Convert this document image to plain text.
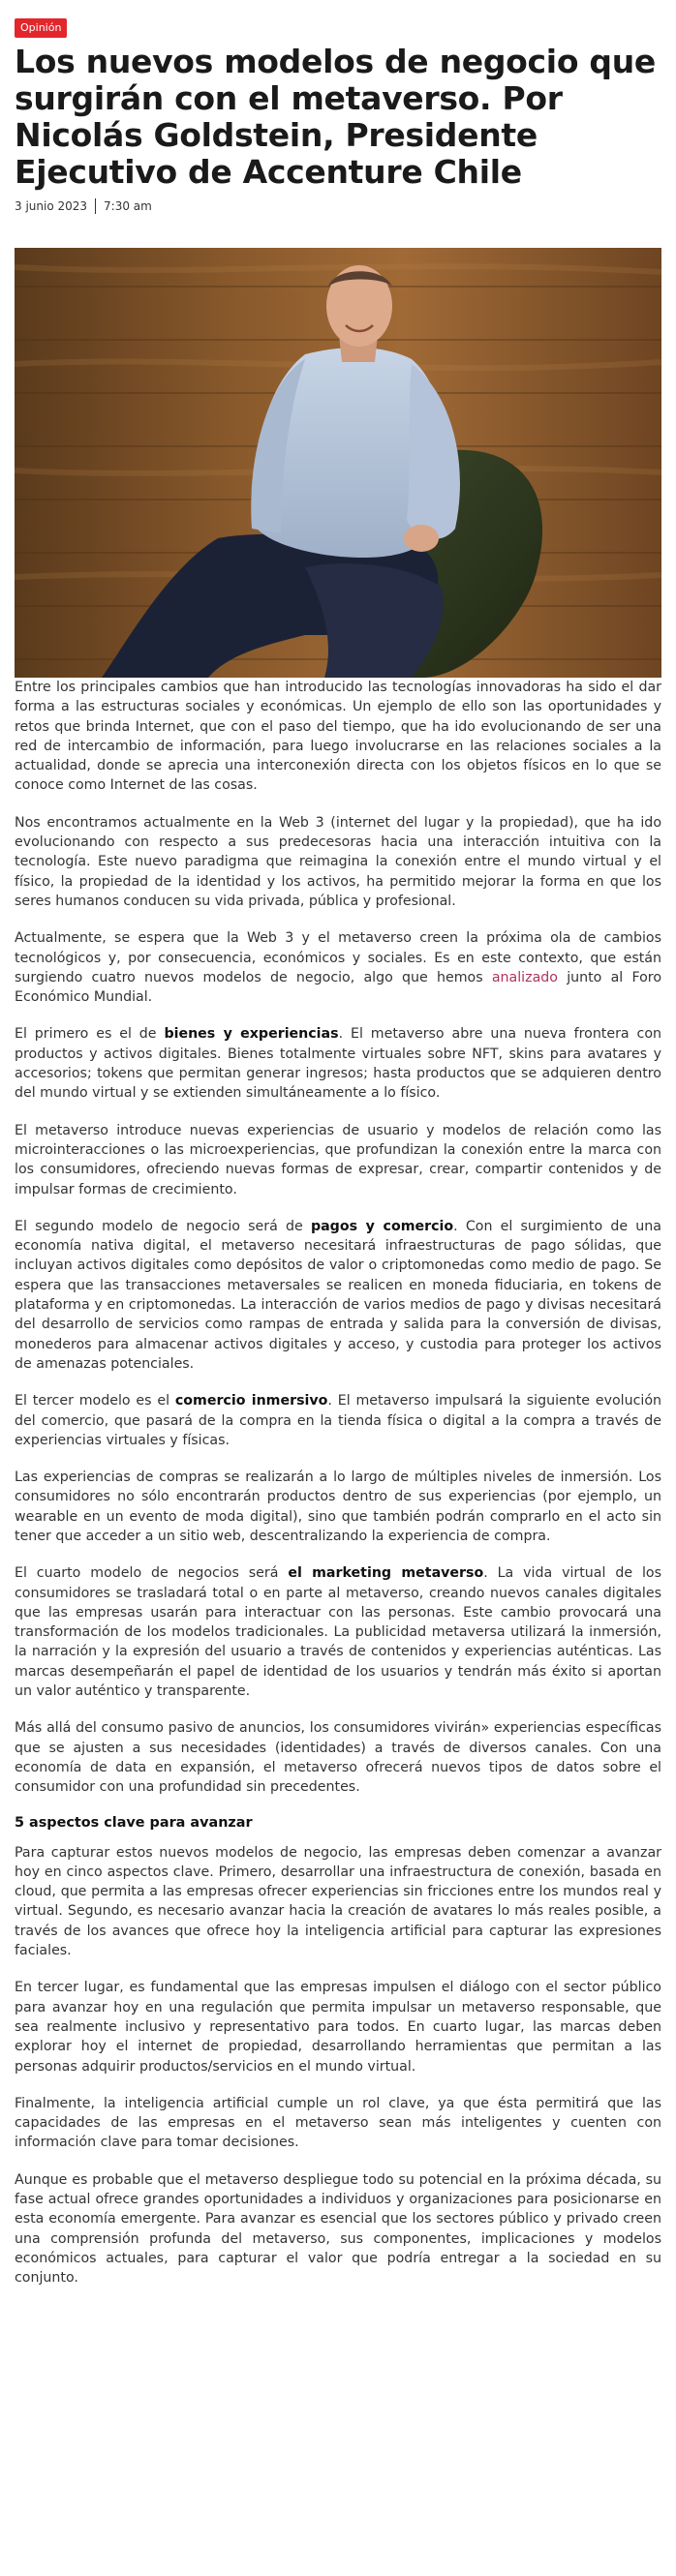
Opinión
Los nuevos modelos de negocio que surgirán con el metaverso. Por Nicolás Goldstein, Presidente Ejecutivo de Accenture Chile
3 junio 2023 7:30 am

Entre los principales cambios que han introducido las tecnologías innovadoras ha sido el dar forma a las estructuras sociales y económicas. Un ejemplo de ello son las oportunidades y retos que brinda Internet, que con el paso del tiempo, que ha ido evolucionando de ser una red de intercambio de información, para luego involucrarse en las relaciones sociales a la actualidad, donde se aprecia una interconexión directa con los objetos físicos en lo que se conoce como Internet de las cosas.

Nos encontramos actualmente en la Web 3 (internet del lugar y la propiedad), que ha ido evolucionando con respecto a sus predecesoras hacia una interacción intuitiva con la tecnología. Este nuevo paradigma que reimagina la conexión entre el mundo virtual y el físico, la propiedad de la identidad y los activos, ha permitido mejorar la forma en que los seres humanos conducen su vida privada, pública y profesional.

Actualmente, se espera que la Web 3 y el metaverso creen la próxima ola de cambios tecnológicos y, por consecuencia, económicos y sociales. Es en este contexto, que están surgiendo cuatro nuevos modelos de negocio, algo que hemos analizado junto al Foro Económico Mundial.

El primero es el de bienes y experiencias. El metaverso abre una nueva frontera con productos y activos digitales. Bienes totalmente virtuales sobre NFT, skins para avatares y accesorios; tokens que permitan generar ingresos; hasta productos que se adquieren dentro del mundo virtual y se extienden simultáneamente a lo físico.

El metaverso introduce nuevas experiencias de usuario y modelos de relación como las microinteracciones o las microexperiencias, que profundizan la conexión entre la marca con los consumidores, ofreciendo nuevas formas de expresar, crear, compartir contenidos y de impulsar formas de crecimiento.

El segundo modelo de negocio será de pagos y comercio. Con el surgimiento de una economía nativa digital, el metaverso necesitará infraestructuras de pago sólidas, que incluyan activos digitales como depósitos de valor o criptomonedas como medio de pago. Se espera que las transacciones metaversales se realicen en moneda fiduciaria, en tokens de plataforma y en criptomonedas. La interacción de varios medios de pago y divisas necesitará del desarrollo de servicios como rampas de entrada y salida para la conversión de divisas, monederos para almacenar activos digitales y acceso, y custodia para proteger los activos de amenazas potenciales.

El tercer modelo es el comercio inmersivo. El metaverso impulsará la siguiente evolución del comercio, que pasará de la compra en la tienda física o digital a la compra a través de experiencias virtuales y físicas.

Las experiencias de compras se realizarán a lo largo de múltiples niveles de inmersión. Los consumidores no sólo encontrarán productos dentro de sus experiencias (por ejemplo, un wearable en un evento de moda digital), sino que también podrán comprarlo en el acto sin tener que acceder a un sitio web, descentralizando la experiencia de compra.

El cuarto modelo de negocios será el marketing metaverso. La vida virtual de los consumidores se trasladará total o en parte al metaverso, creando nuevos canales digitales que las empresas usarán para interactuar con las personas. Este cambio provocará una transformación de los modelos tradicionales. La publicidad metaversa utilizará la inmersión, la narración y la expresión del usuario a través de contenidos y experiencias auténticas. Las marcas desempeñarán el papel de identidad de los usuarios y tendrán más éxito si aportan un valor auténtico y transparente.

Más allá del consumo pasivo de anuncios, los consumidores vivirán» experiencias específicas que se ajusten a sus necesidades (identidades) a través de diversos canales. Con una economía de data en expansión, el metaverso ofrecerá nuevos tipos de datos sobre el consumidor con una profundidad sin precedentes.

5 aspectos clave para avanzar

Para capturar estos nuevos modelos de negocio, las empresas deben comenzar a avanzar hoy en cinco aspectos clave. Primero, desarrollar una infraestructura de conexión, basada en cloud, que permita a las empresas ofrecer experiencias sin fricciones entre los mundos real y virtual. Segundo, es necesario avanzar hacia la creación de avatares lo más reales posible, a través de los avances que ofrece hoy la inteligencia artificial para capturar las expresiones faciales.

En tercer lugar, es fundamental que las empresas impulsen el diálogo con el sector público para avanzar hoy en una regulación que permita impulsar un metaverso responsable, que sea realmente inclusivo y representativo para todos. En cuarto lugar, las marcas deben explorar hoy el internet de propiedad, desarrollando herramientas que permitan a las personas adquirir productos/servicios en el mundo virtual.

Finalmente, la inteligencia artificial cumple un rol clave, ya que ésta permitirá que las capacidades de las empresas en el metaverso sean más inteligentes y cuenten con información clave para tomar decisiones.

Aunque es probable que el metaverso despliegue todo su potencial en la próxima década, su fase actual ofrece grandes oportunidades a individuos y organizaciones para posicionarse en esta economía emergente. Para avanzar es esencial que los sectores público y privado creen una comprensión profunda del metaverso, sus componentes, implicaciones y modelos económicos actuales, para capturar el valor que podría entregar a la sociedad en su conjunto.
